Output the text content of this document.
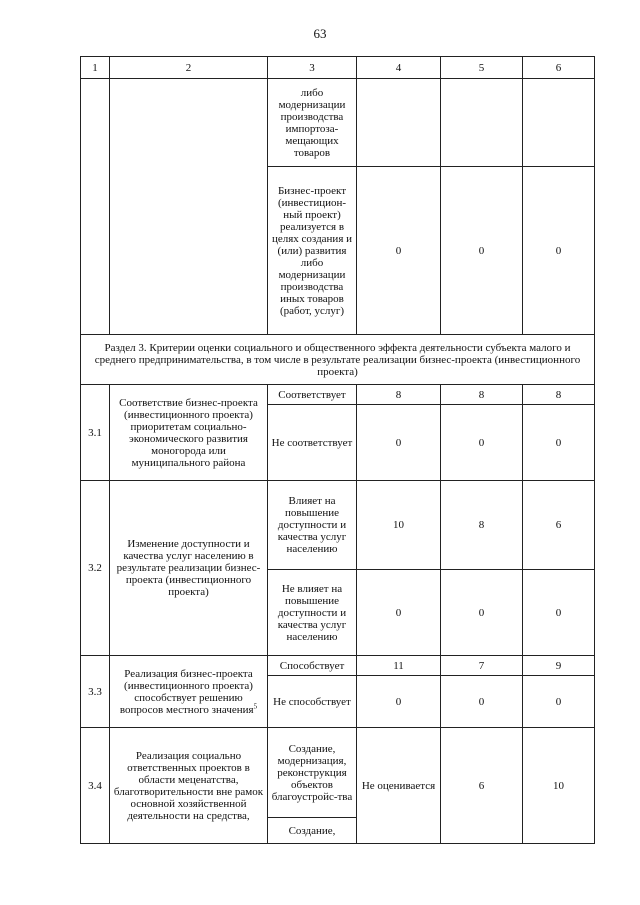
63
1	2	3	4	5	6
		либо модернизации производства импортоза-мещающих товаров			
		Бизнес-проект (инвестицион-ный проект) реализуется в целях создания и (или) развития либо модернизации производства иных товаров (работ, услуг)	0	0	0
Раздел 3. Критерии оценки социального и общественного эффекта деятельности субъекта малого и среднего предпринимательства, в том числе в результате реализации бизнес-проекта (инвестиционного проекта)					
3.1	Соответствие бизнес-проекта (инвестиционного проекта) приоритетам социально-экономического развития моногорода или муниципального района	Соответствует	8	8	8
		Не соответствует	0	0	0
3.2	Изменение доступности и качества услуг населению в результате реализации бизнес-проекта (инвестиционного проекта)	Влияет на повышение доступности и качества услуг населению	10	8	6
		Не влияет на повышение доступности и качества услуг населению	0	0	0
3.3	Реализация бизнес-проекта (инвестиционного проекта) способствует решению вопросов местного значения$^5$	Способствует	11	7	9
		Не способствует	0	0	0
3.4	Реализация социально ответственных проектов в области меценатства, благотворительности вне рамок основной хозяйственной деятельности на средства,	Создание, модернизация, реконструкция объектов благоустройс-тва	Не оценивается	6	10
		Создание,			
